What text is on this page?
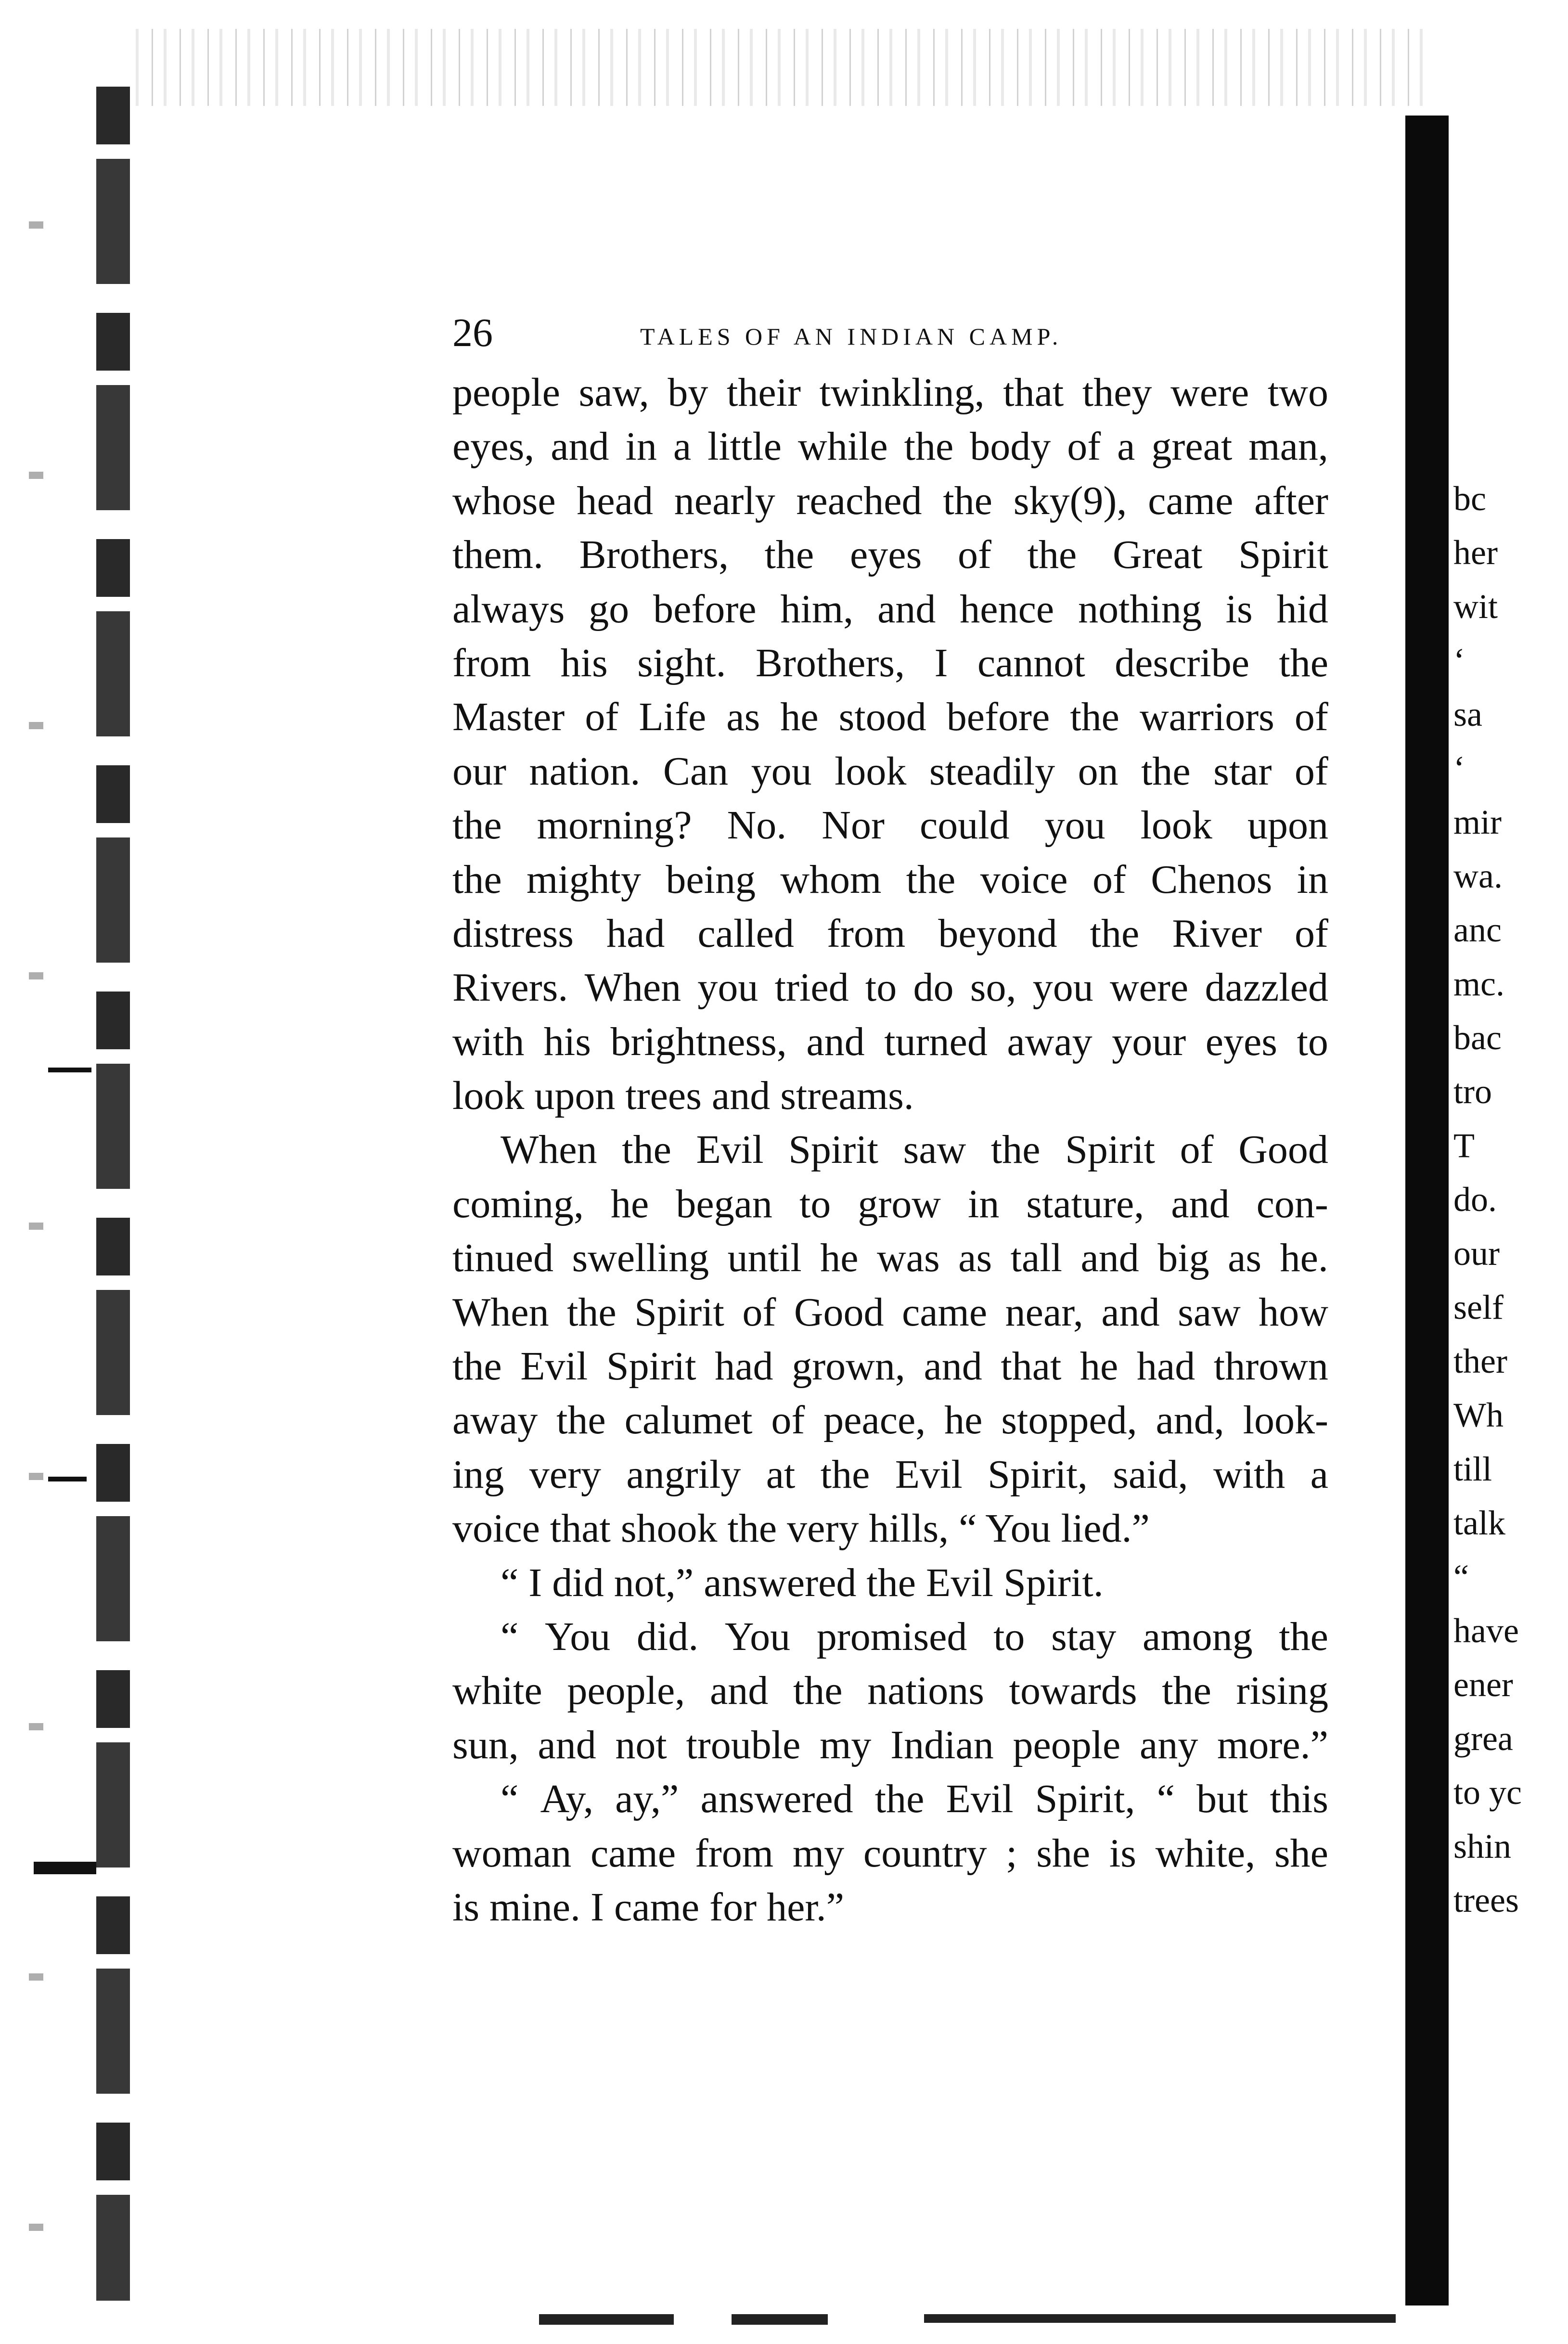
26	TALES OF AN INDIAN CAMP.
people saw, by their twinkling, that they were two
eyes, and in a little while the body of a great man,
whose head nearly reached the sky(9), came after
them. Brothers, the eyes of the Great Spirit
always go before him, and hence nothing is hid
from his sight. Brothers, I cannot describe the
Master of Life as he stood before the warriors of
our nation. Can you look steadily on the star of
the morning? No. Nor could you look upon
the mighty being whom the voice of Chenos in
distress had called from beyond the River of
Rivers. When you tried to do so, you were dazzled
with his brightness, and turned away your eyes to
look upon trees and streams.
When the Evil Spirit saw the Spirit of Good
coming, he began to grow in stature, and con-
tinued swelling until he was as tall and big as he.
When the Spirit of Good came near, and saw how
the Evil Spirit had grown, and that he had thrown
away the calumet of peace, he stopped, and, look-
ing very angrily at the Evil Spirit, said, with a
voice that shook the very hills, “ You lied.”
“ I did not,” answered the Evil Spirit.
“ You did. You promised to stay among the
white people, and the nations towards the rising
sun, and not trouble my Indian people any more.”
“ Ay, ay,” answered the Evil Spirit, “ but this
woman came from my country ; she is white, she
is mine. I came for her.”
bc
her
wit
‘
sa
‘
mir
wa.
anc
mc.
bac
tro
T
do.
our
self
ther
Wh
till
talk
“
have
ener
grea
to yc
shin
trees
